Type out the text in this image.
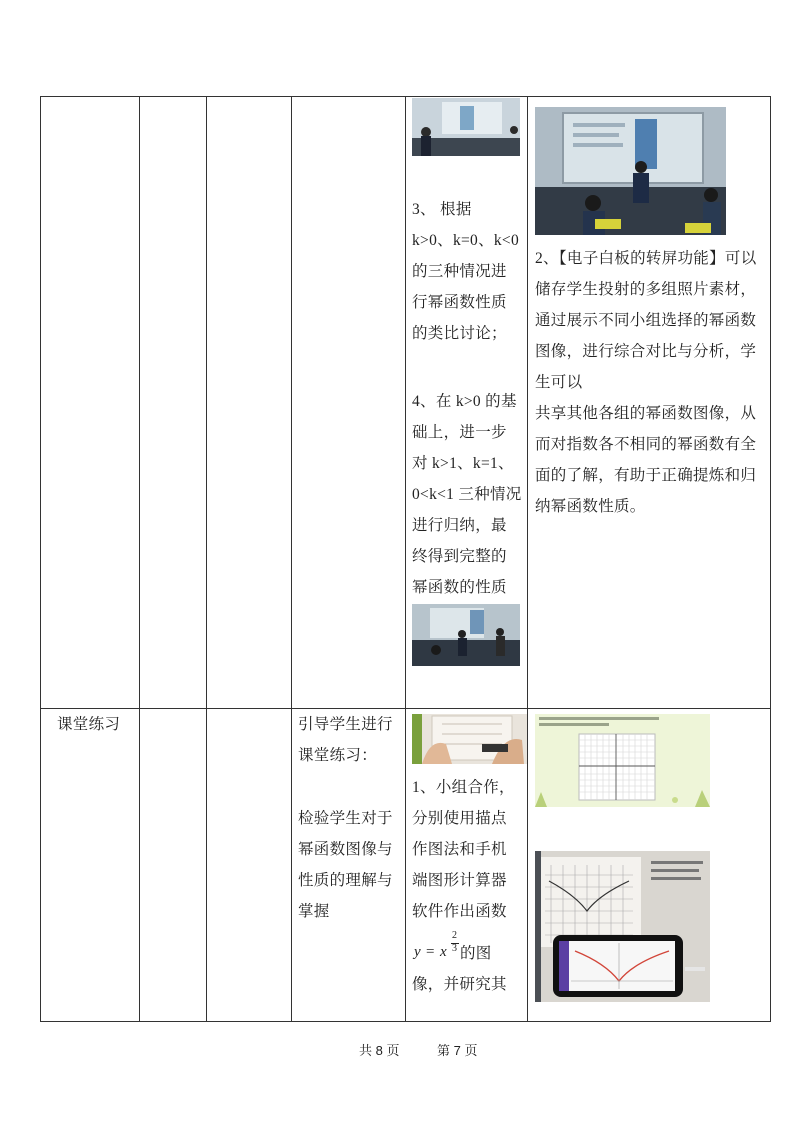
3、 根据
k>0、k=0、k<0
的三种情况进
行幂函数性质
的类比讨论；
4、在 k>0 的基
础上，进一步
对 k>1、k=1、
0<k<1 三种情况
进行归纳，最
终得到完整的
幂函数的性质
2、【电子白板的转屏功能】可以
储存学生投射的多组照片素材，
通过展示不同小组选择的幂函数
图像，进行综合对比与分析，学
生可以
共享其他各组的幂函数图像，从
而对指数各不相同的幂函数有全
面的了解，有助于正确提炼和归
纳幂函数性质。
课堂练习	引导学生进行
课堂练习：
检验学生对于
幂函数图像与
性质的理解与
掌握
1、小组合作，
分别使用描点
作图法和手机
端图形计算器
软件作出函数
y = x
2
3 的图
像，并研究其
共 8 页	第 7 页
